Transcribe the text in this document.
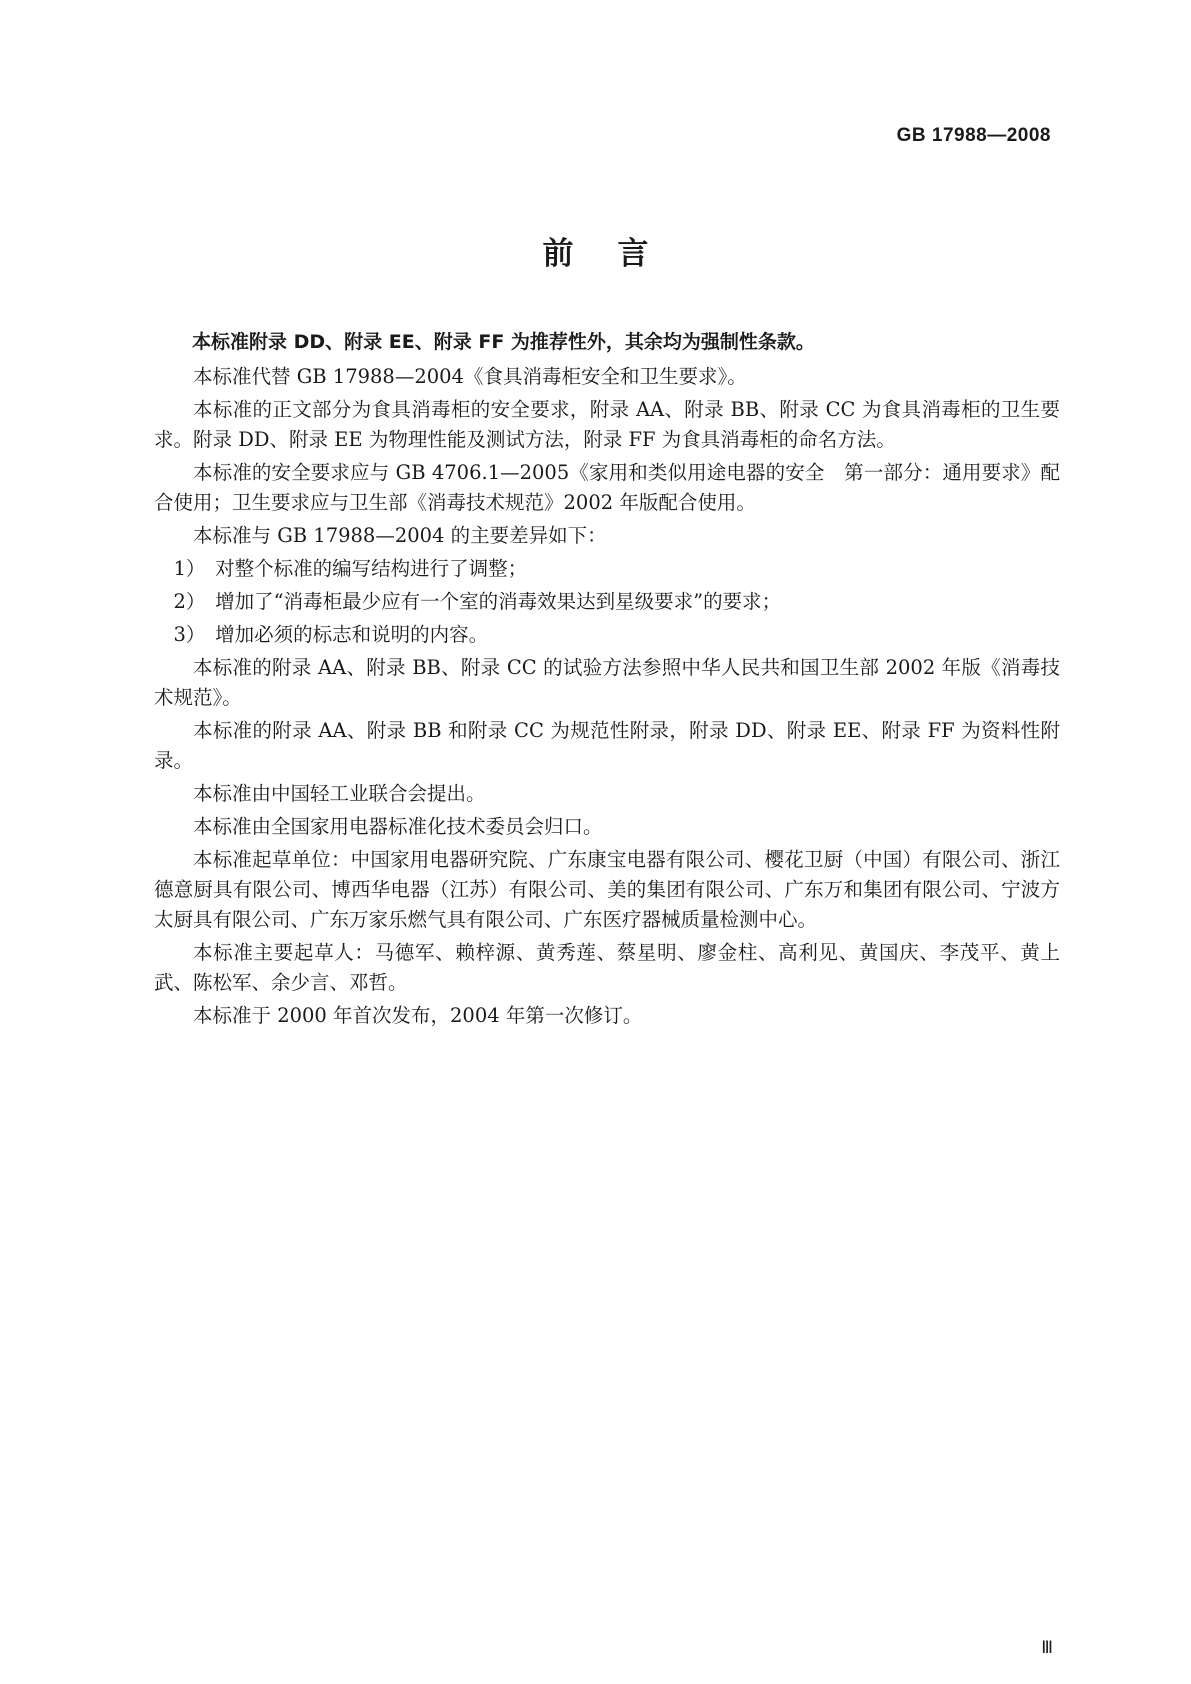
GB 17988—2008
前言

本标准附录 DD、附录 EE、附录 FF 为推荐性外，其余均为强制性条款。

本标准代替 GB 17988—2004《食具消毒柜安全和卫生要求》。

本标准的正文部分为食具消毒柜的安全要求，附录 AA、附录 BB、附录 CC 为食具消毒柜的卫生要求。附录 DD、附录 EE 为物理性能及测试方法，附录 FF 为食具消毒柜的命名方法。

本标准的安全要求应与 GB 4706.1—2005《家用和类似用途电器的安全　第一部分：通用要求》配合使用；卫生要求应与卫生部《消毒技术规范》2002 年版配合使用。

本标准与 GB 17988—2004 的主要差异如下：

1）　对整个标准的编写结构进行了调整；

2）　增加了“消毒柜最少应有一个室的消毒效果达到星级要求”的要求；

3）　增加必须的标志和说明的内容。

本标准的附录 AA、附录 BB、附录 CC 的试验方法参照中华人民共和国卫生部 2002 年版《消毒技术规范》。

本标准的附录 AA、附录 BB 和附录 CC 为规范性附录，附录 DD、附录 EE、附录 FF 为资料性附录。

本标准由中国轻工业联合会提出。

本标准由全国家用电器标准化技术委员会归口。

本标准起草单位：中国家用电器研究院、广东康宝电器有限公司、樱花卫厨（中国）有限公司、浙江德意厨具有限公司、博西华电器（江苏）有限公司、美的集团有限公司、广东万和集团有限公司、宁波方太厨具有限公司、广东万家乐燃气具有限公司、广东医疗器械质量检测中心。

本标准主要起草人：马德军、赖梓源、黄秀莲、蔡星明、廖金柱、高利见、黄国庆、李茂平、黄上武、陈松军、余少言、邓哲。

本标准于 2000 年首次发布，2004 年第一次修订。

Ⅲ
